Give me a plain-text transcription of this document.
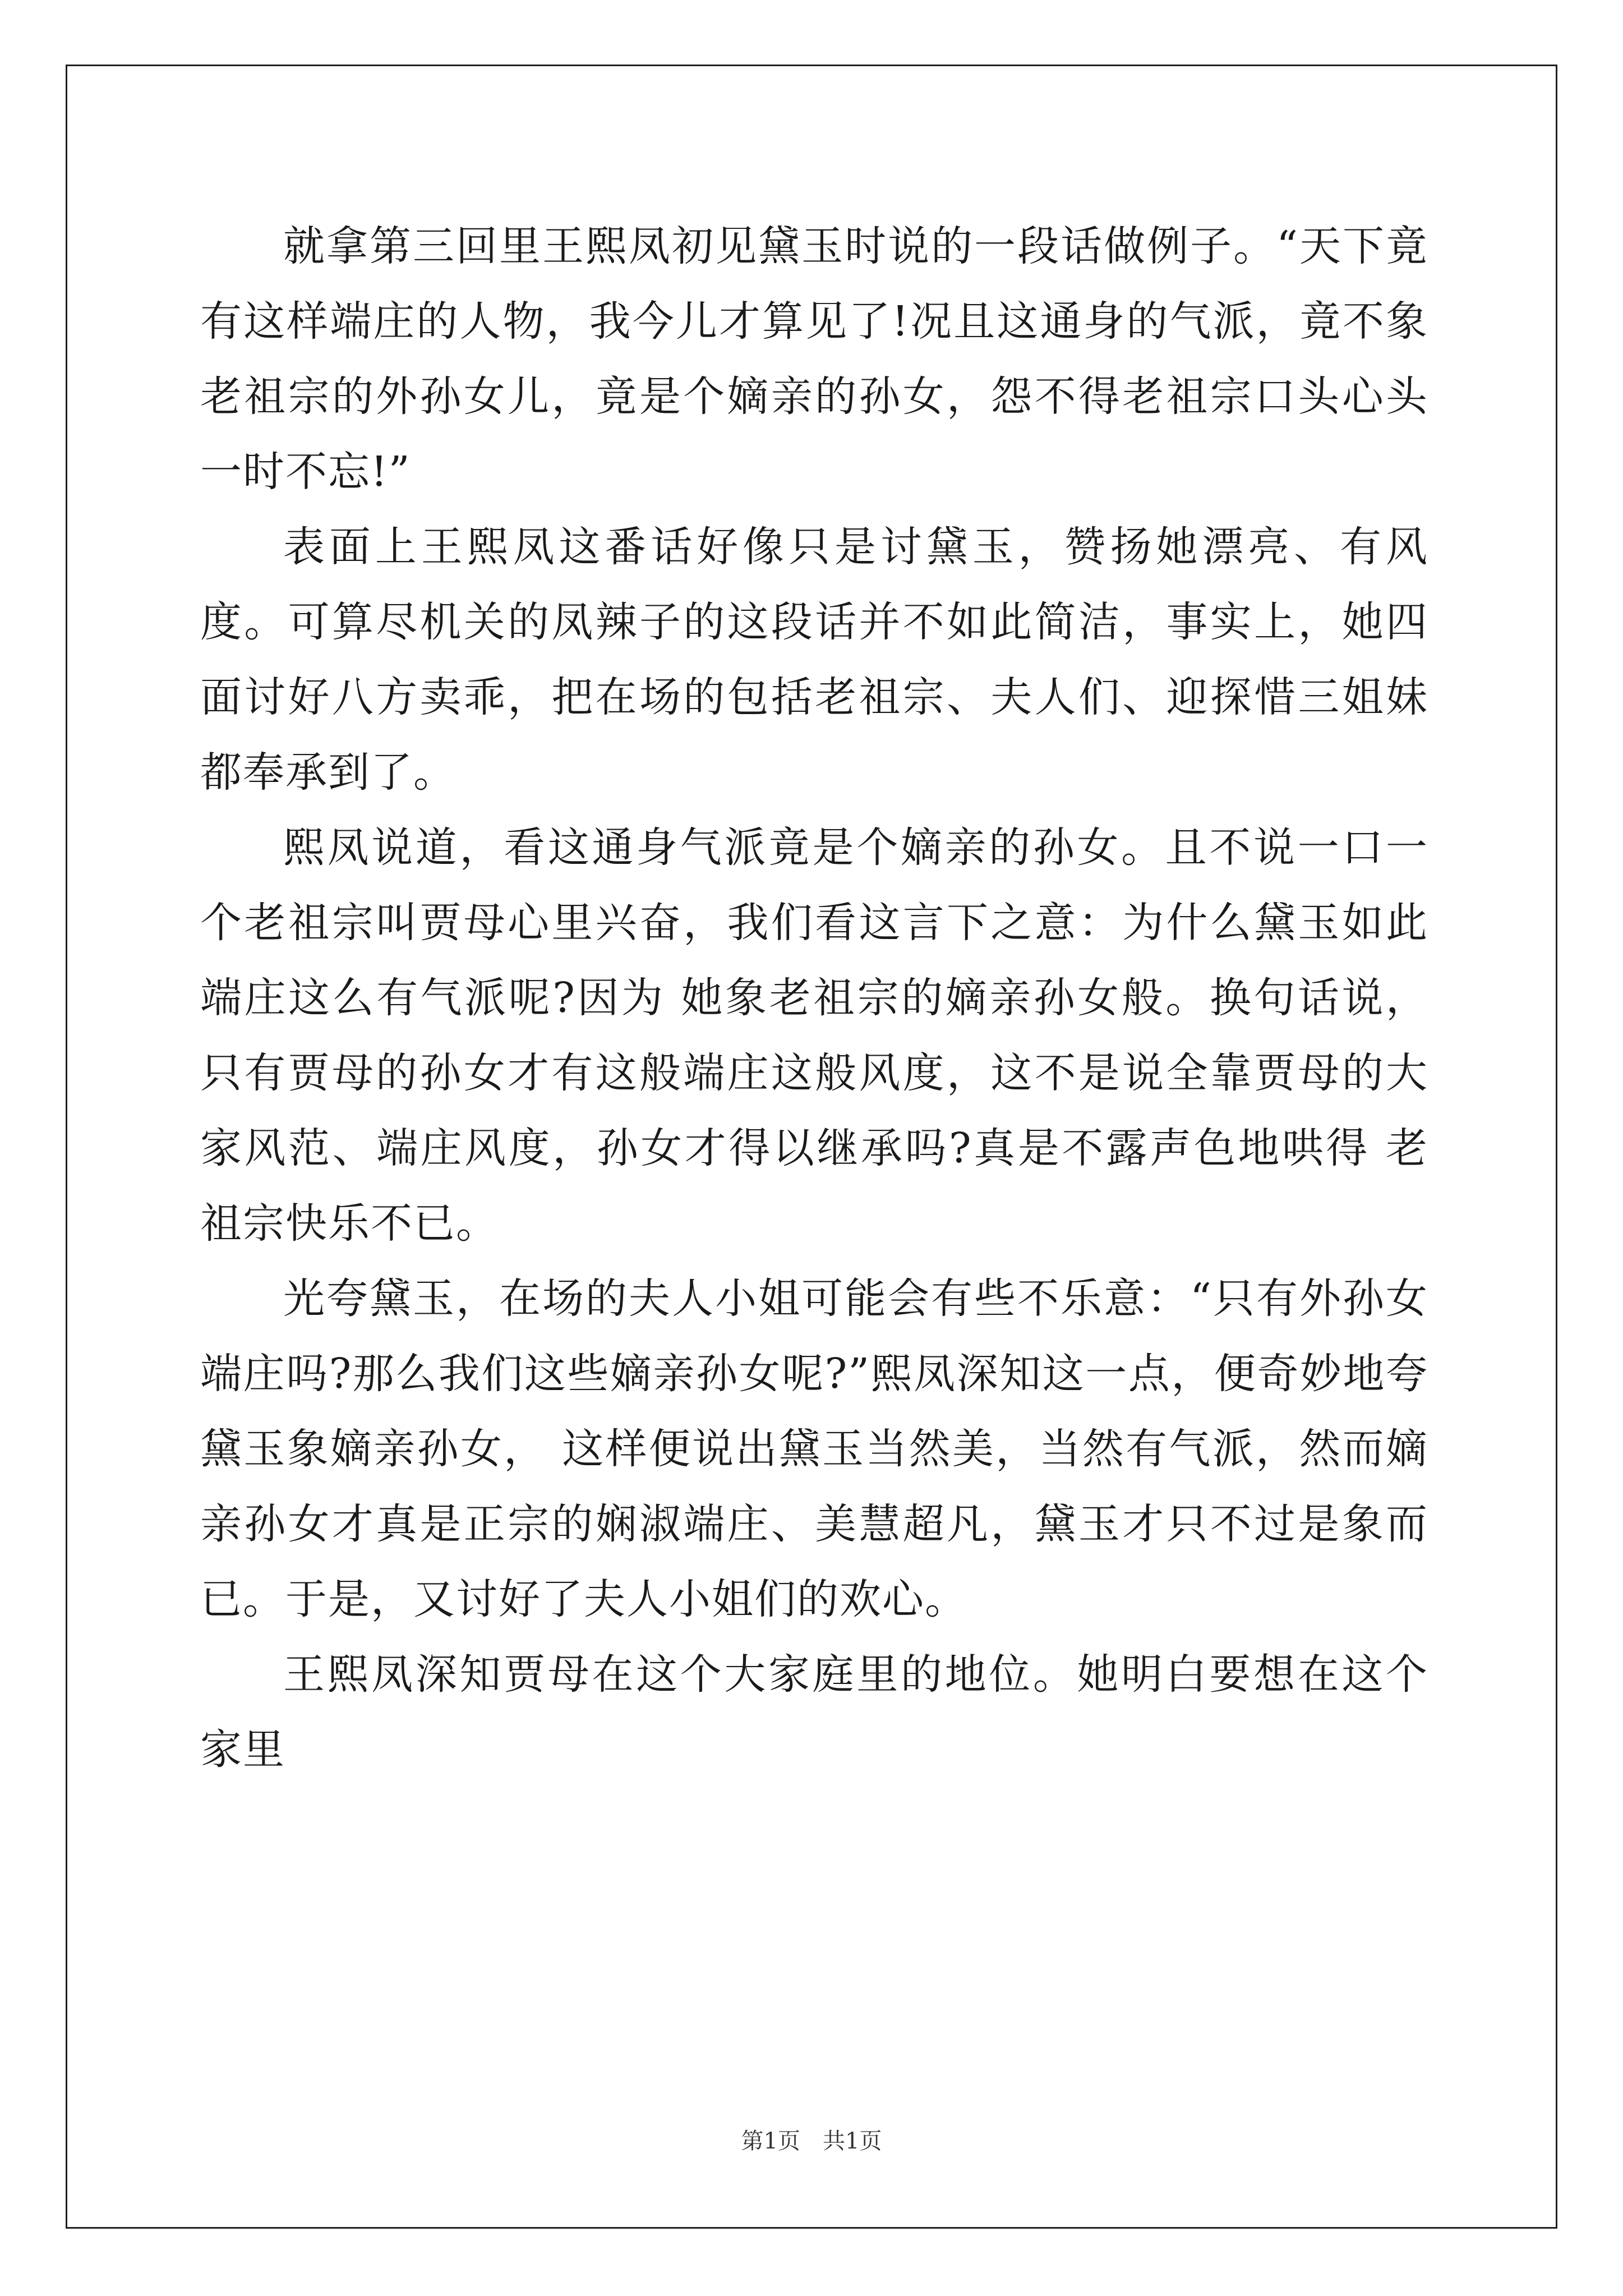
就拿第三回里王熙凤初见黛玉时说的一段话做例子。“天下竟有这样端庄的人物，我今儿才算见了!况且这通身的气派，竟不象老祖宗的外孙女儿，竟是个嫡亲的孙女，怨不得老祖宗口头心头一时不忘!”

表面上王熙凤这番话好像只是讨黛玉，赞扬她漂亮、有风度。可算尽机关的凤辣子的这段话并不如此简洁，事实上，她四面讨好八方卖乖，把在场的包括老祖宗、夫人们、迎探惜三姐妹都奉承到了。

熙凤说道，看这通身气派竟是个嫡亲的孙女。且不说一口一个老祖宗叫贾母心里兴奋，我们看这言下之意：为什么黛玉如此端庄这么有气派呢?因为 她象老祖宗的嫡亲孙女般。换句话说，只有贾母的孙女才有这般端庄这般风度，这不是说全靠贾母的大家风范、端庄风度，孙女才得以继承吗?真是不露声色地哄得 老祖宗快乐不已。

光夸黛玉，在场的夫人小姐可能会有些不乐意：“只有外孙女端庄吗?那么我们这些嫡亲孙女呢?”熙凤深知这一点，便奇妙地夸黛玉象嫡亲孙女， 这样便说出黛玉当然美，当然有气派，然而嫡亲孙女才真是正宗的娴淑端庄、美慧超凡，黛玉才只不过是象而已。于是，又讨好了夫人小姐们的欢心。

王熙凤深知贾母在这个大家庭里的地位。她明白要想在这个家里

第1页 共1页
